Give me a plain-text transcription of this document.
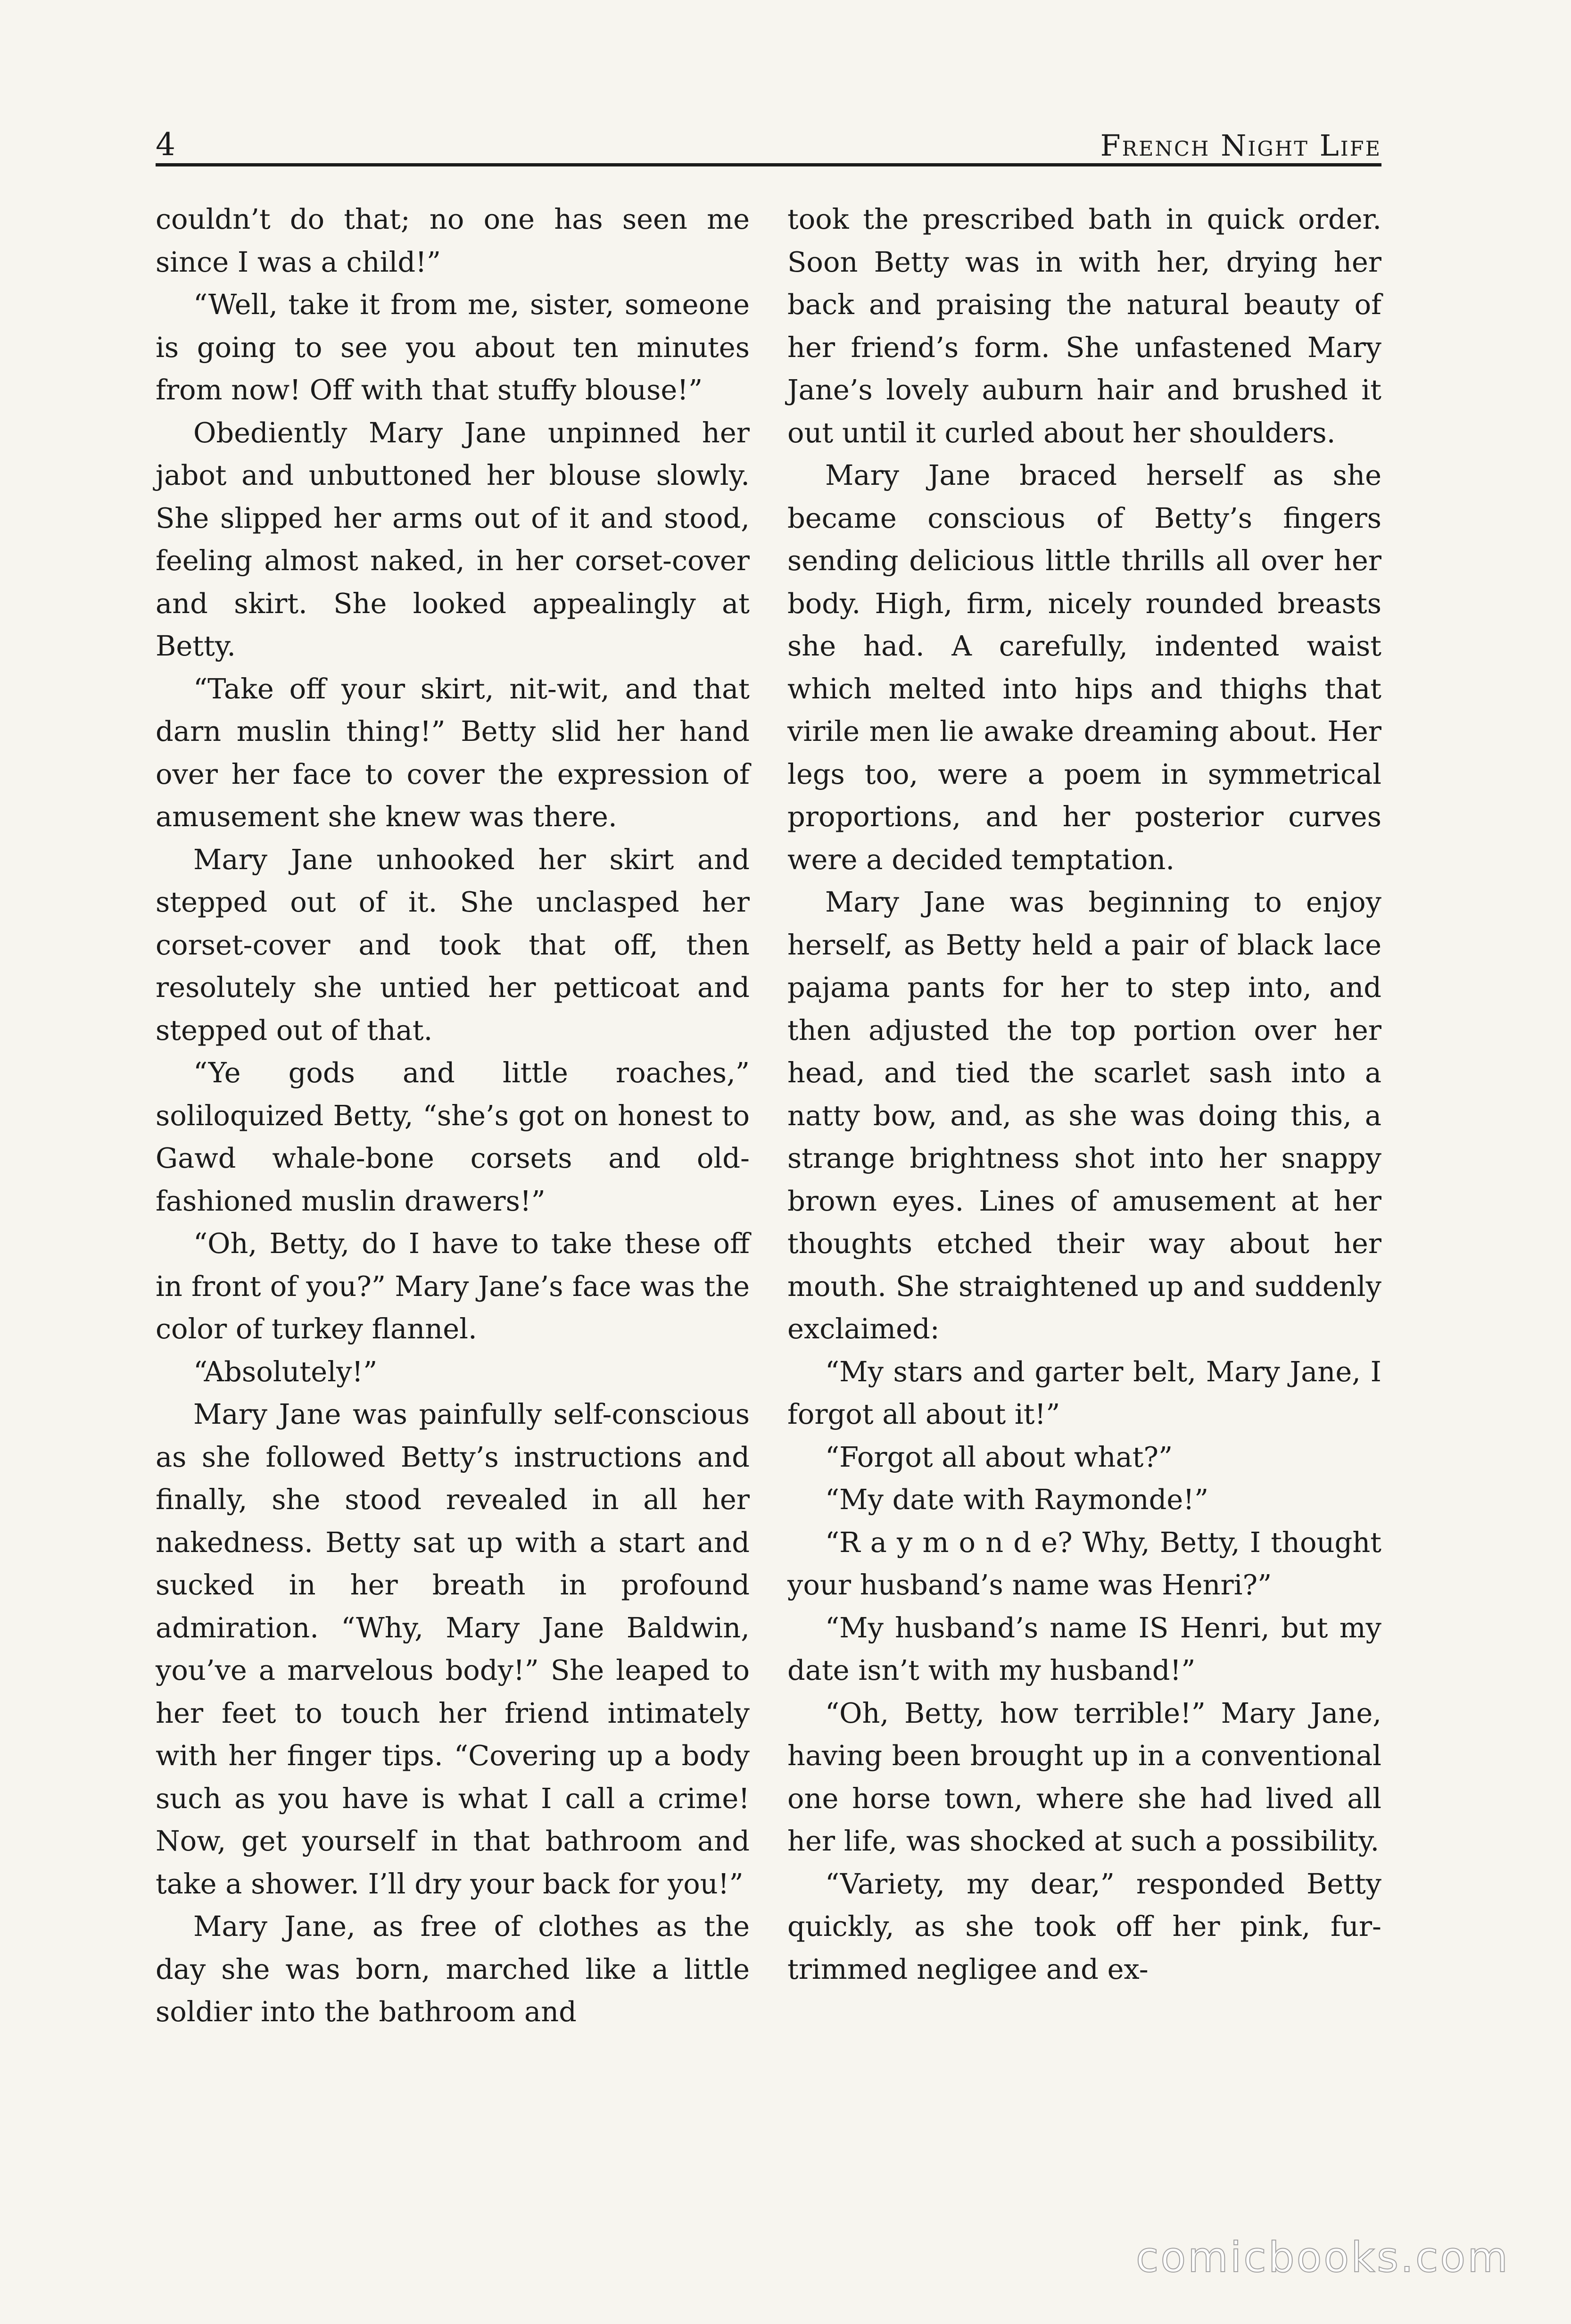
4	French Night Life

couldn’t do that; no one has seen me since I was a child!”

“Well, take it from me, sister, someone is going to see you about ten minutes from now! Off with that stuffy blouse!”

Obediently Mary Jane unpinned her jabot and unbuttoned her blouse slowly. She slipped her arms out of it and stood, feeling almost naked, in her corset-cover and skirt. She looked appealingly at Betty.

“Take off your skirt, nit-wit, and that darn muslin thing!” Betty slid her hand over her face to cover the expression of amusement she knew was there.

Mary Jane unhooked her skirt and stepped out of it. She unclasped her corset-cover and took that off, then resolutely she untied her petticoat and stepped out of that.

“Ye gods and little roaches,” soliloquized Betty, “she’s got on honest to Gawd whale-bone corsets and old-fashioned muslin drawers!”

“Oh, Betty, do I have to take these off in front of you?” Mary Jane’s face was the color of turkey flannel.

“Absolutely!”

Mary Jane was painfully self-conscious as she followed Betty’s instructions and finally, she stood revealed in all her nakedness. Betty sat up with a start and sucked in her breath in profound admiration. “Why, Mary Jane Baldwin, you’ve a marvelous body!” She leaped to her feet to touch her friend intimately with her finger tips. “Covering up a body such as you have is what I call a crime! Now, get yourself in that bathroom and take a shower. I’ll dry your back for you!”

Mary Jane, as free of clothes as the day she was born, marched like a little soldier into the bathroom and

took the prescribed bath in quick order. Soon Betty was in with her, drying her back and praising the natural beauty of her friend’s form. She unfastened Mary Jane’s lovely auburn hair and brushed it out until it curled about her shoulders.

Mary Jane braced herself as she became conscious of Betty’s fingers sending delicious little thrills all over her body. High, firm, nicely rounded breasts she had. A carefully, indented waist which melted into hips and thighs that virile men lie awake dreaming about. Her legs too, were a poem in symmetrical proportions, and her posterior curves were a decided temptation.

Mary Jane was beginning to enjoy herself, as Betty held a pair of black lace pajama pants for her to step into, and then adjusted the top portion over her head, and tied the scarlet sash into a natty bow, and, as she was doing this, a strange brightness shot into her snappy brown eyes. Lines of amusement at her thoughts etched their way about her mouth. She straightened up and suddenly exclaimed:

“My stars and garter belt, Mary Jane, I forgot all about it!”

“Forgot all about what?”

“My date with Raymonde!”

“R a y m o n d e? Why, Betty, I thought your husband’s name was Henri?”

“My husband’s name IS Henri, but my date isn’t with my husband!”

“Oh, Betty, how terrible!” Mary Jane, having been brought up in a conventional one horse town, where she had lived all her life, was shocked at such a possibility.

“Variety, my dear,” responded Betty quickly, as she took off her pink, fur-trimmed negligee and ex-

comicbooks.com
